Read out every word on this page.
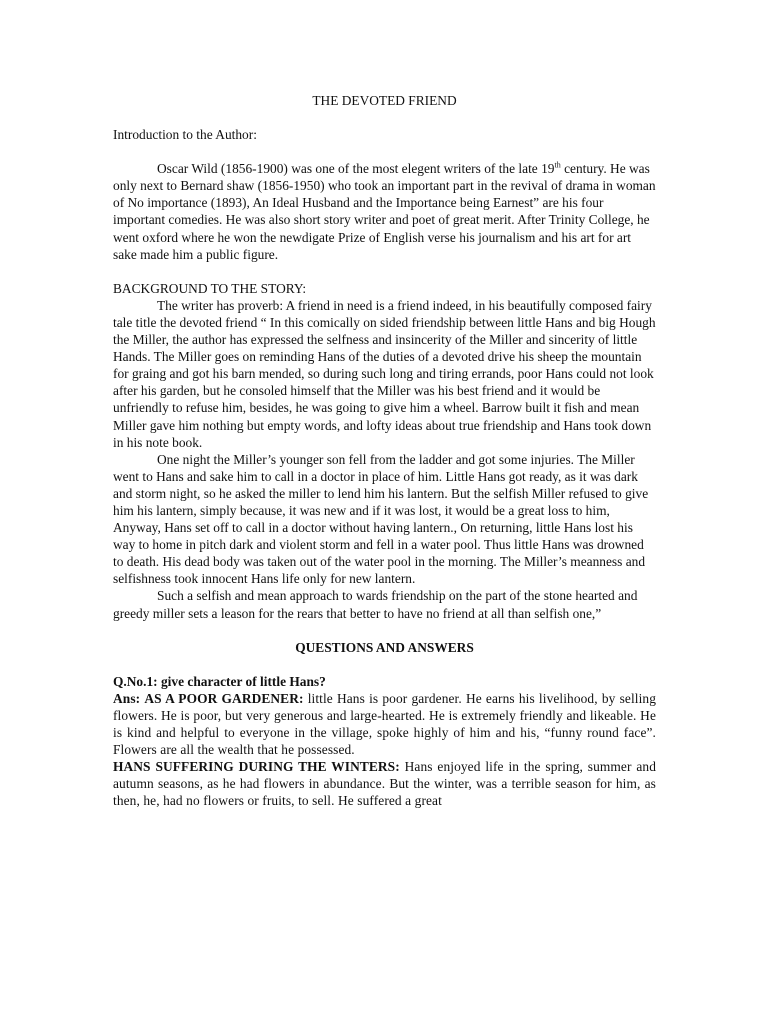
THE DEVOTED FRIEND

Introduction to the Author:

Oscar Wild (1856-1900) was one of the most elegent writers of the late 19th century. He was only next to Bernard shaw (1856-1950) who took an important part in the revival of drama in woman of No importance (1893), An Ideal Husband and the Importance being Earnest” are his four important comedies. He was also short story writer and poet of great merit. After Trinity College, he went oxford where he won the newdigate Prize of English verse his journalism and his art for art sake made him a public figure.

BACKGROUND TO THE STORY:

The writer has proverb: A friend in need is a friend indeed, in his beautifully composed fairy tale title the devoted friend “ In this comically on sided friendship between little Hans and big Hough the Miller, the author has expressed the selfness and insincerity of the Miller and sincerity of little Hands. The Miller goes on reminding Hans of the duties of a devoted drive his sheep the mountain for graing and got his barn mended, so during such long and tiring errands, poor Hans could not look after his garden, but he consoled himself that the Miller was his best friend and it would be unfriendly to refuse him, besides, he was going to give him a wheel. Barrow built it fish and mean Miller gave him nothing but empty words, and lofty ideas about true friendship and Hans took down in his note book.

One night the Miller’s younger son fell from the ladder and got some injuries. The Miller went to Hans and sake him to call in a doctor in place of him. Little Hans got ready, as it was dark and storm night, so he asked the miller to lend him his lantern. But the selfish Miller refused to give him his lantern, simply because, it was new and if it was lost, it would be a great loss to him, Anyway, Hans set off to call in a doctor without having lantern., On returning, little Hans lost his way to home in pitch dark and violent storm and fell in a water pool. Thus little Hans was drowned to death. His dead body was taken out of the water pool in the morning. The Miller’s meanness and selfishness took innocent Hans life only for new lantern.

Such a selfish and mean approach to wards friendship on the part of the stone hearted and greedy miller sets a leason for the rears that better to have no friend at all than selfish one,”

QUESTIONS AND ANSWERS

Q.No.1: give character of little Hans?

Ans: AS A POOR GARDENER: little Hans is poor gardener. He earns his livelihood, by selling flowers. He is poor, but very generous and large-hearted. He is extremely friendly and likeable. He is kind and helpful to everyone in the village, spoke highly of him and his, “funny round face”. Flowers are all the wealth that he possessed.

HANS SUFFERING DURING THE WINTERS: Hans enjoyed life in the spring, summer and autumn seasons, as he had flowers in abundance. But the winter, was a terrible season for him, as then, he, had no flowers or fruits, to sell. He suffered a great
